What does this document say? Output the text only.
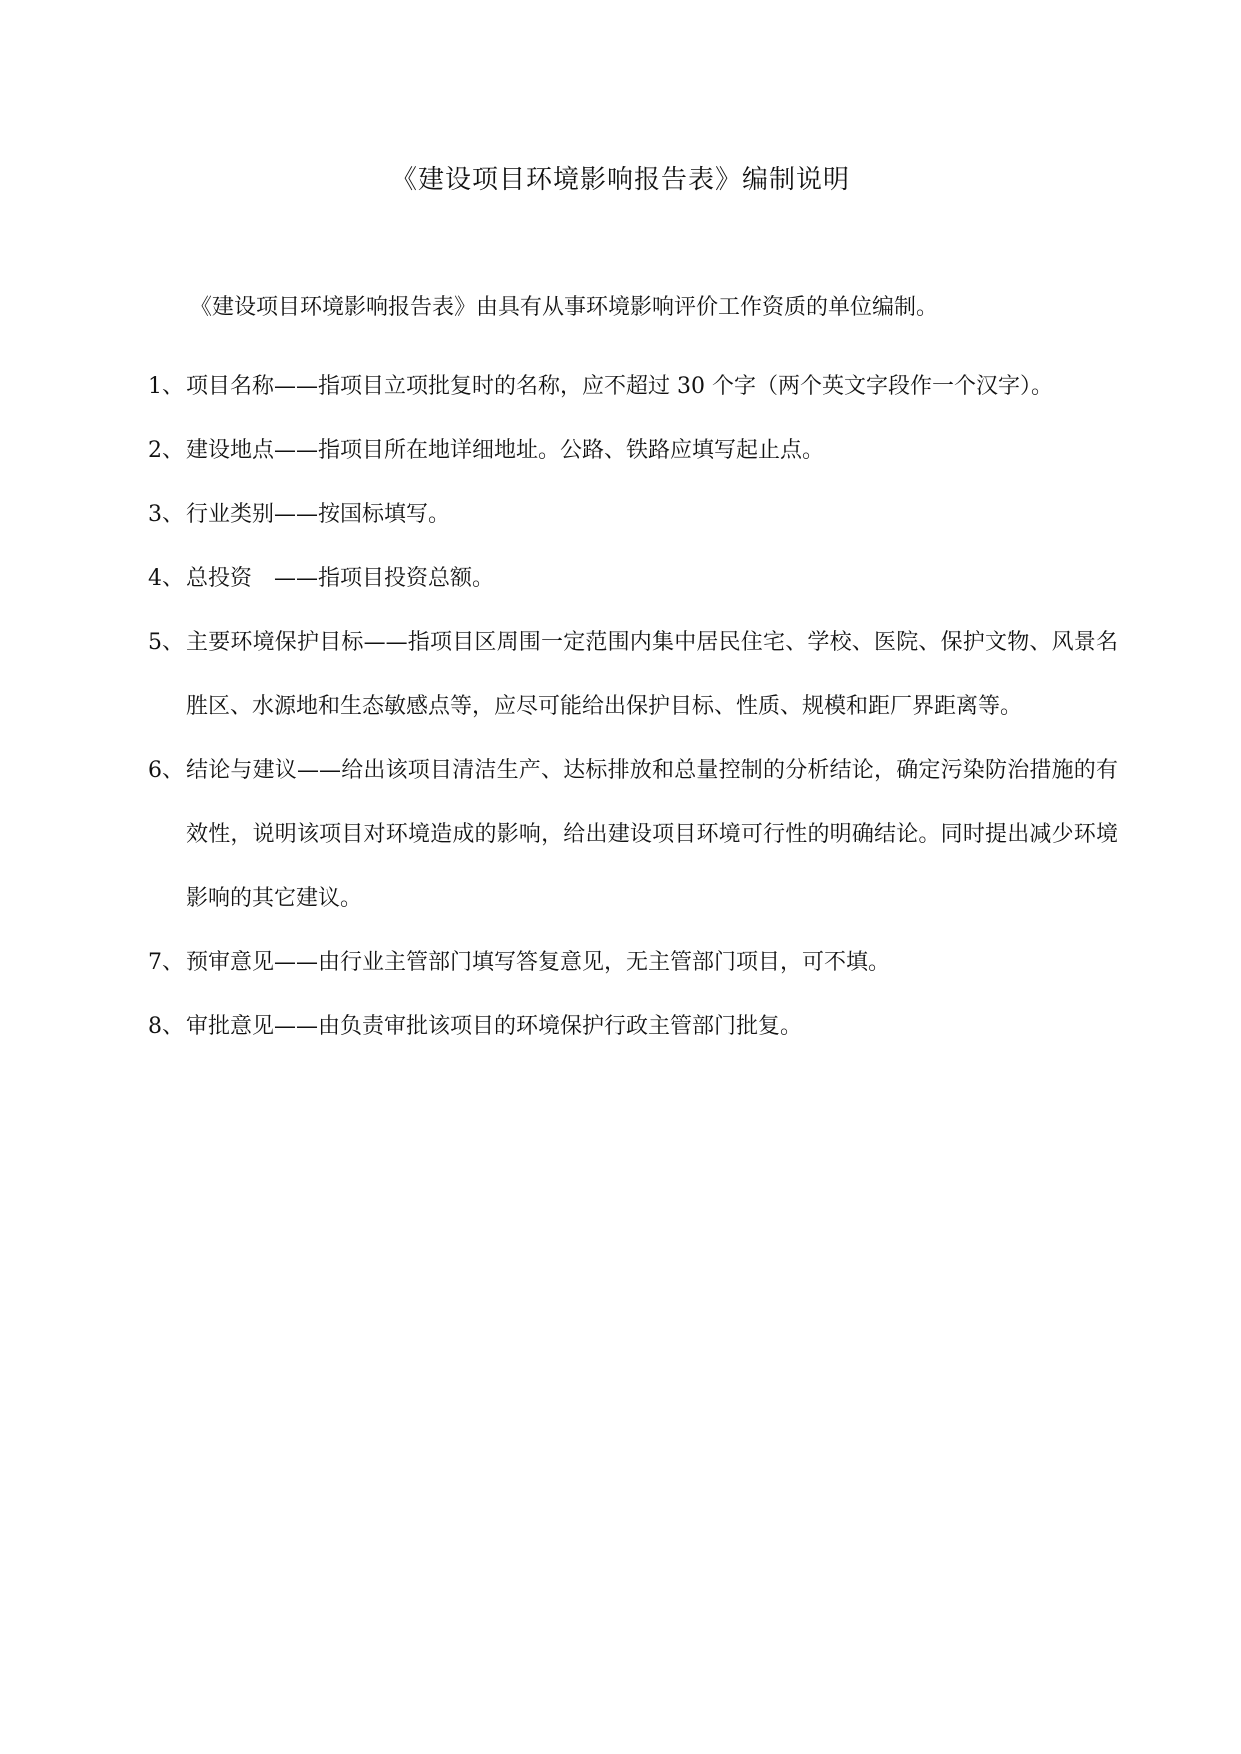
《建设项目环境影响报告表》编制说明
《建设项目环境影响报告表》由具有从事环境影响评价工作资质的单位编制。
1、 项目名称——指项目立项批复时的名称，应不超过 30 个字（两个英文字段作一个汉字）。
2、 建设地点——指项目所在地详细地址。公路、铁路应填写起止点。
3、 行业类别——按国标填写。
4、 总投资　——指项目投资总额。
5、 主要环境保护目标——指项目区周围一定范围内集中居民住宅、学校、医院、保护文物、风景名胜区、水源地和生态敏感点等，应尽可能给出保护目标、性质、规模和距厂界距离等。
6、 结论与建议——给出该项目清洁生产、达标排放和总量控制的分析结论，确定污染防治措施的有效性，说明该项目对环境造成的影响，给出建设项目环境可行性的明确结论。同时提出减少环境影响的其它建议。
7、 预审意见——由行业主管部门填写答复意见，无主管部门项目，可不填。
8、 审批意见——由负责审批该项目的环境保护行政主管部门批复。
